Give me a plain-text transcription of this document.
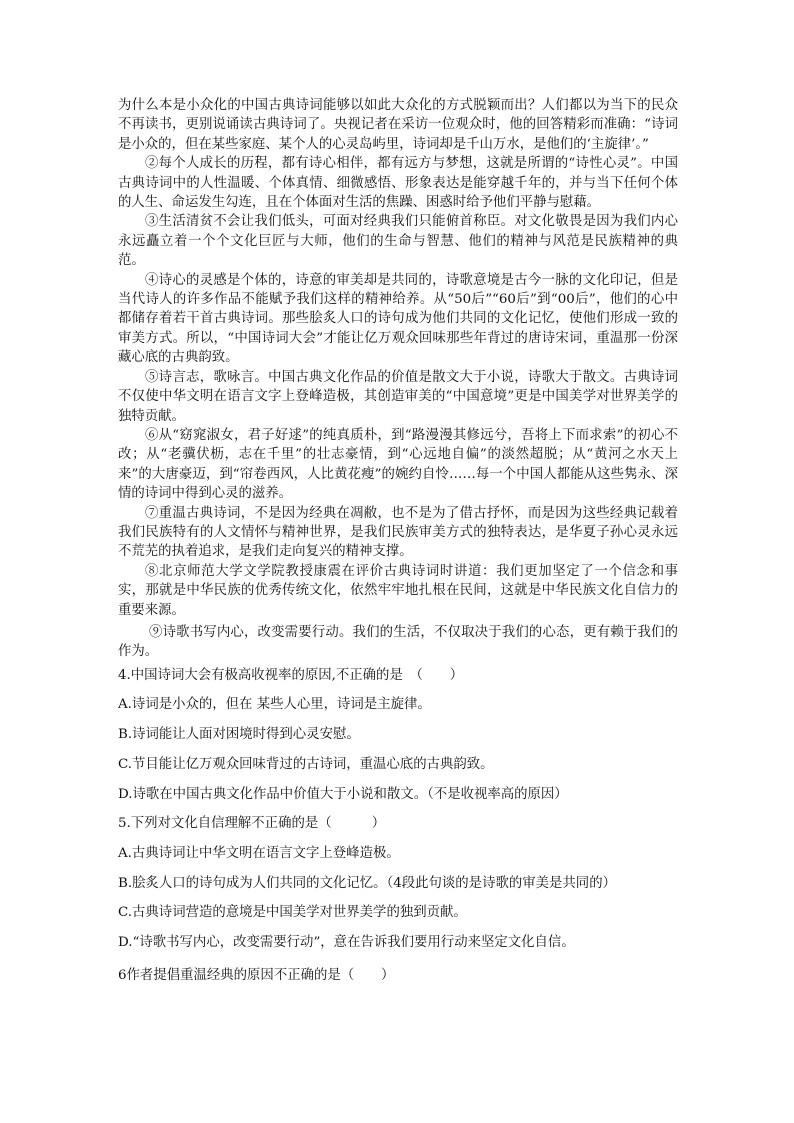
为什么本是小众化的中国古典诗词能够以如此大众化的方式脱颖而出？人们都以为当下的民众不再读书，更别说诵读古典诗词了。央视记者在采访一位观众时，他的回答精彩而准确：“诗词是小众的，但在某些家庭、某个人的心灵岛屿里，诗词却是千山万水，是他们的‘主旋律’。”

②每个人成长的历程，都有诗心相伴，都有远方与梦想，这就是所谓的“诗性心灵”。中国古典诗词中的人性温暖、个体真情、细微感悟、形象表达是能穿越千年的，并与当下任何个体的人生、命运发生勾连，且在个体面对生活的焦躁、困惑时给予他们平静与慰藉。

③生活清贫不会让我们低头，可面对经典我们只能俯首称臣。对文化敬畏是因为我们内心永远矗立着一个个文化巨匠与大师，他们的生命与智慧、他们的精神与风范是民族精神的典范。

④诗心的灵感是个体的，诗意的审美却是共同的，诗歌意境是古今一脉的文化印记，但是当代诗人的许多作品不能赋予我们这样的精神给养。从“50后”“60后”到“00后”，他们的心中都储存着若干首古典诗词。那些脍炙人口的诗句成为他们共同的文化记忆，使他们形成一致的审美方式。所以，“中国诗词大会”才能让亿万观众回味那些年背过的唐诗宋词，重温那一份深藏心底的古典韵致。

⑤诗言志，歌咏言。中国古典文化作品的价值是散文大于小说，诗歌大于散文。古典诗词不仅使中华文明在语言文字上登峰造极，其创造审美的“中国意境”更是中国美学对世界美学的独特贡献。

⑥从“窈窕淑女，君子好逑”的纯真质朴，到“路漫漫其修远兮，吾将上下而求索”的初心不改；从“老骥伏枥，志在千里”的壮志豪情，到“心远地自偏”的淡然超脱；从“黄河之水天上来”的大唐豪迈，到“帘卷西风，人比黄花瘦”的婉约自怜……每一个中国人都能从这些隽永、深情的诗词中得到心灵的滋养。

⑦重温古典诗词，不是因为经典在凋敝，也不是为了借古抒怀，而是因为这些经典记载着我们民族特有的人文情怀与精神世界，是我们民族审美方式的独特表达，是华夏子孙心灵永远不荒芜的执着追求，是我们走向复兴的精神支撑。

⑧北京师范大学文学院教授康震在评价古典诗词时讲道：我们更加坚定了一个信念和事实，那就是中华民族的优秀传统文化，依然牢牢地扎根在民间，这就是中华民族文化自信力的重要来源。

⑨诗歌书写内心，改变需要行动。我们的生活，不仅取决于我们的心态，更有赖于我们的作为。

4.中国诗词大会有极高收视率的原因,不正确的是　（　　）

A.诗词是小众的，但在 某些人心里，诗词是主旋律。

B.诗词能让人面对困境时得到心灵安慰。

C.节目能让亿万观众回味背过的古诗词，重温心底的古典韵致。

D.诗歌在中国古典文化作品中价值大于小说和散文。（不是收视率高的原因）

5.下列对文化自信理解不正确的是（　　　）

A.古典诗词让中华文明在语言文字上登峰造极。

B.脍炙人口的诗句成为人们共同的文化记忆。（4段此句谈的是诗歌的审美是共同的）

C.古典诗词营造的意境是中国美学对世界美学的独到贡献。

D.“诗歌书写内心，改变需要行动”，意在告诉我们要用行动来坚定文化自信。

6作者提倡重温经典的原因不正确的是（　　）
